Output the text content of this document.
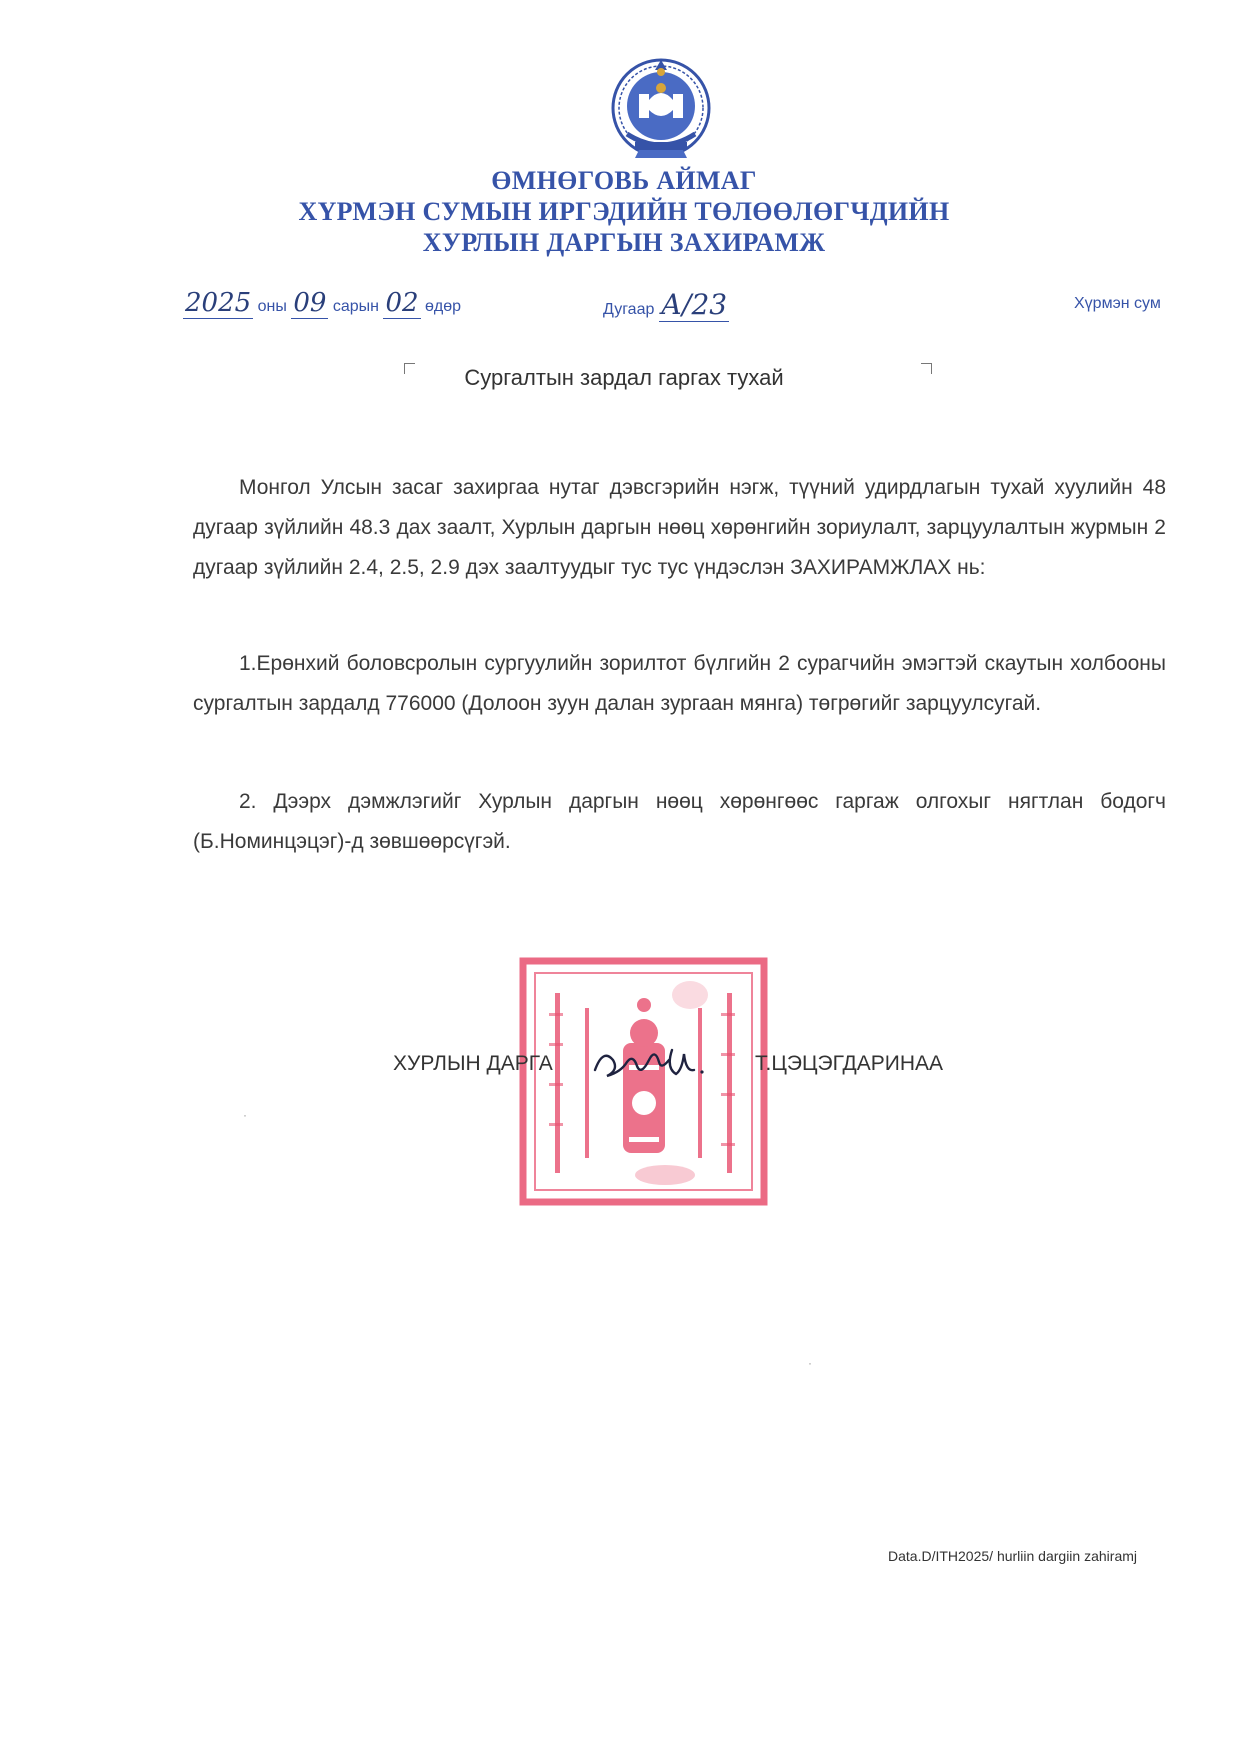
ӨМНӨГОВЬ АЙМАГ
ХҮРМЭН СУМЫН ИРГЭДИЙН ТӨЛӨӨЛӨГЧДИЙН
ХУРЛЫН ДАРГЫН ЗАХИРАМЖ
2025 оны 09 сарын 02 өдөр	Дугаар А/23	Хүрмэн сум
Сургалтын зардал гаргах тухай

Монгол Улсын засаг захиргаа нутаг дэвсгэрийн нэгж, түүний удирдлагын тухай хуулийн 48 дугаар зүйлийн 48.3 дах заалт, Хурлын даргын нөөц хөрөнгийн зориулалт, зарцуулалтын журмын 2 дугаар зүйлийн 2.4, 2.5, 2.9 дэх заалтуудыг тус тус үндэслэн ЗАХИРАМЖЛАХ нь:

1.Ерөнхий боловсролын сургуулийн зорилтот бүлгийн 2 сурагчийн эмэгтэй скаутын холбооны сургалтын зардалд 776000 (Долоон зуун далан зургаан мянга) төгрөгийг зарцуулсугай.

2. Дээрх дэмжлэгийг Хурлын даргын нөөц хөрөнгөөс гаргаж олгохыг нягтлан бодогч (Б.Номинцэцэг)-д зөвшөөрсүгэй.

ХУРЛЫН ДАРГА	Т.ЦЭЦЭГДАРИНАА
Data.D/ITH2025/ hurliin dargiin zahiramj
·
·
